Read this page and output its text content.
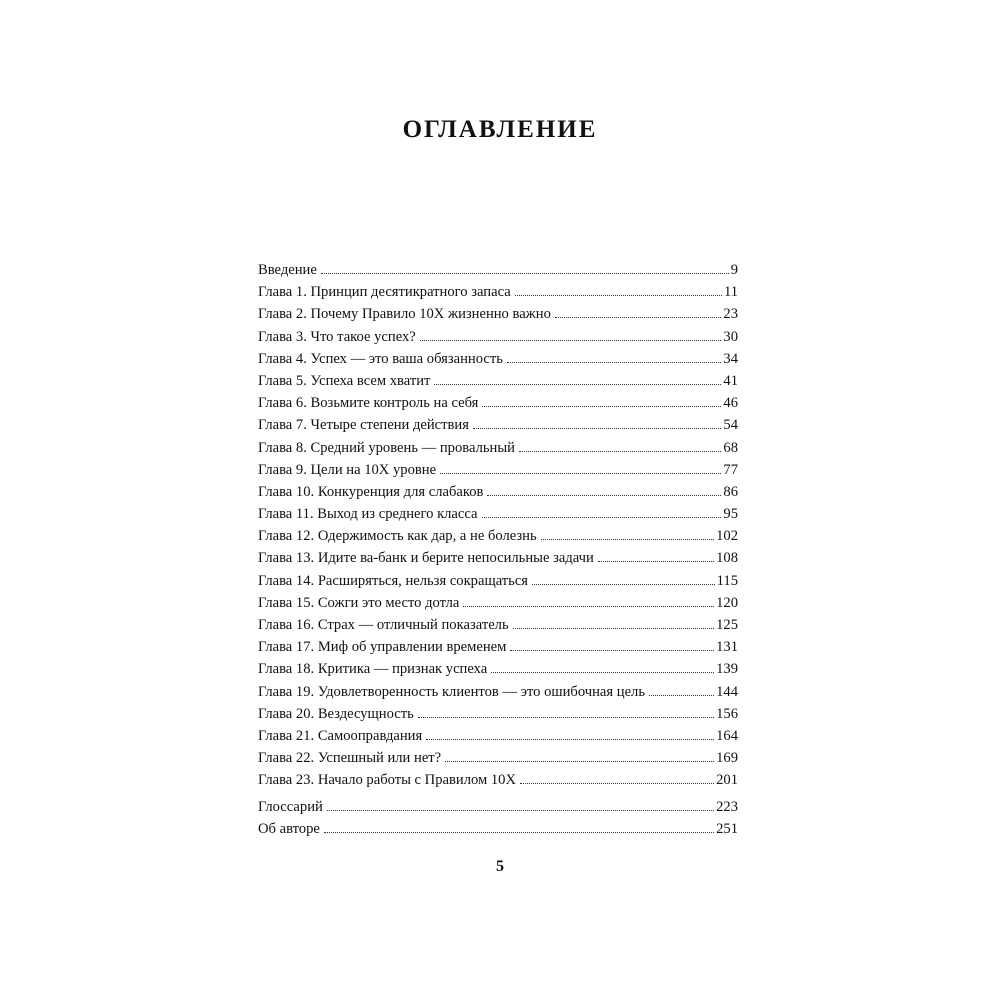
ОГЛАВЛЕНИЕ
Введение	9
Глава 1. Принцип десятикратного запаса	11
Глава 2. Почему Правило 10X жизненно важно	23
Глава 3. Что такое успех?	30
Глава 4. Успех — это ваша обязанность	34
Глава 5. Успеха всем хватит	41
Глава 6. Возьмите контроль на себя	46
Глава 7. Четыре степени действия	54
Глава 8. Средний уровень — провальный	68
Глава 9. Цели на 10X уровне	77
Глава 10. Конкуренция для слабаков	86
Глава 11. Выход из среднего класса	95
Глава 12. Одержимость как дар, а не болезнь	102
Глава 13. Идите ва-банк и берите непосильные задачи	108
Глава 14. Расширяться, нельзя сокращаться	115
Глава 15. Сожги это место дотла	120
Глава 16. Страх — отличный показатель	125
Глава 17. Миф об управлении временем	131
Глава 18. Критика — признак успеха	139
Глава 19. Удовлетворенность клиентов — это ошибочная цель	144
Глава 20. Вездесущность	156
Глава 21. Самооправдания	164
Глава 22. Успешный или нет?	169
Глава 23. Начало работы с Правилом 10X	201
Глоссарий	223
Об авторе	251
5
